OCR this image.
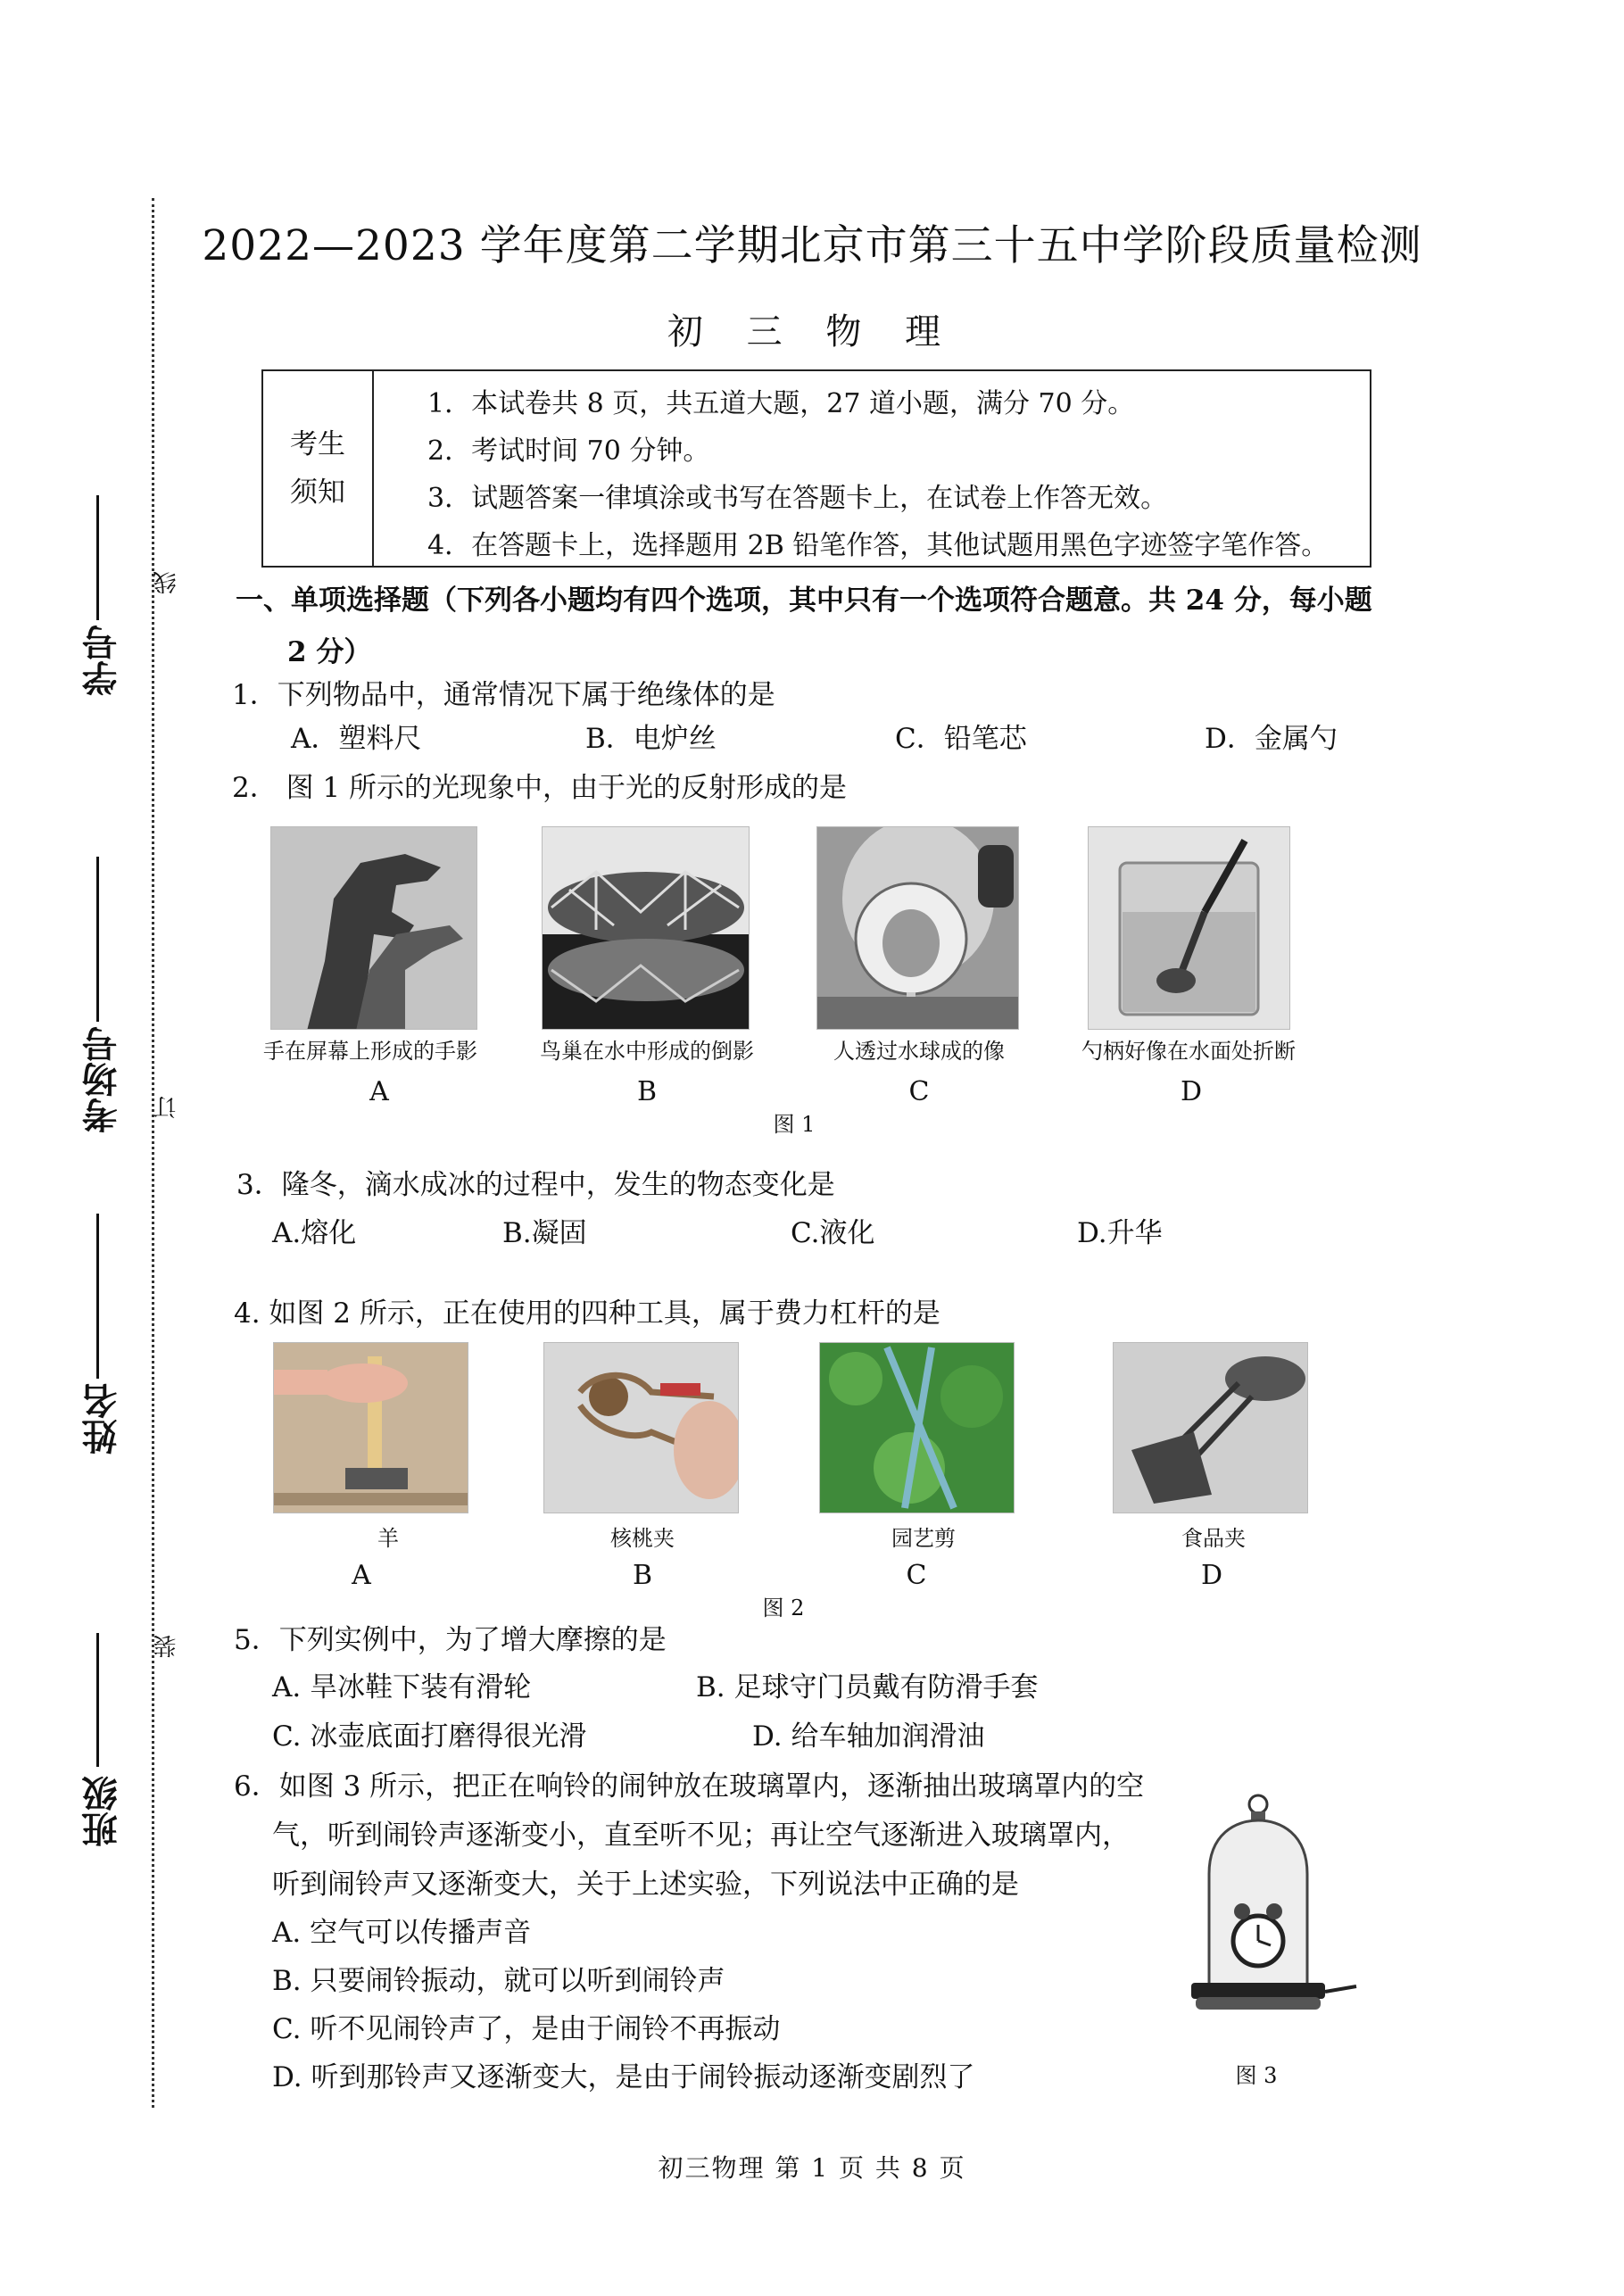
2022—2023 学年度第二学期北京市第三十五中学阶段质量检测
初 三 物 理
考生
须知
1．本试卷共 8 页，共五道大题，27 道小题，满分 70 分。
2．考试时间 70 分钟。
3．试题答案一律填涂或书写在答题卡上，在试卷上作答无效。
4．在答题卡上，选择题用 2B 铅笔作答，其他试题用黑色字迹签字笔作答。
学号
考场号
姓名
班级
线
订
装
一、单项选择题（下列各小题均有四个选项，其中只有一个选项符合题意。共 24 分，每小题
2 分）
1．下列物品中，通常情况下属于绝缘体的是
A．塑料尺	B．电炉丝	C．铅笔芯	D．金属勺
2． 图 1 所示的光现象中，由于光的反射形成的是
手在屏幕上形成的手影	鸟巢在水中形成的倒影	人透过水球成的像	勺柄好像在水面处折断
A	B	C	D
图 1
3．隆冬，滴水成冰的过程中，发生的物态变化是
A.熔化	B.凝固	C.液化	D.升华
4. 如图 2 所示，正在使用的四种工具，属于费力杠杆的是
羊	核桃夹	园艺剪	食品夹
A	B	C	D
图 2
5．下列实例中，为了增大摩擦的是
A. 旱冰鞋下装有滑轮	B. 足球守门员戴有防滑手套
C. 冰壶底面打磨得很光滑	D. 给车轴加润滑油
6．如图 3 所示，把正在响铃的闹钟放在玻璃罩内，逐渐抽出玻璃罩内的空
气，听到闹铃声逐渐变小，直至听不见；再让空气逐渐进入玻璃罩内，
听到闹铃声又逐渐变大，关于上述实验，下列说法中正确的是
A. 空气可以传播声音
B. 只要闹铃振动，就可以听到闹铃声
C. 听不见闹铃声了，是由于闹铃不再振动
D. 听到那铃声又逐渐变大，是由于闹铃振动逐渐变剧烈了	图 3
初三物理 第 1 页 共 8 页
